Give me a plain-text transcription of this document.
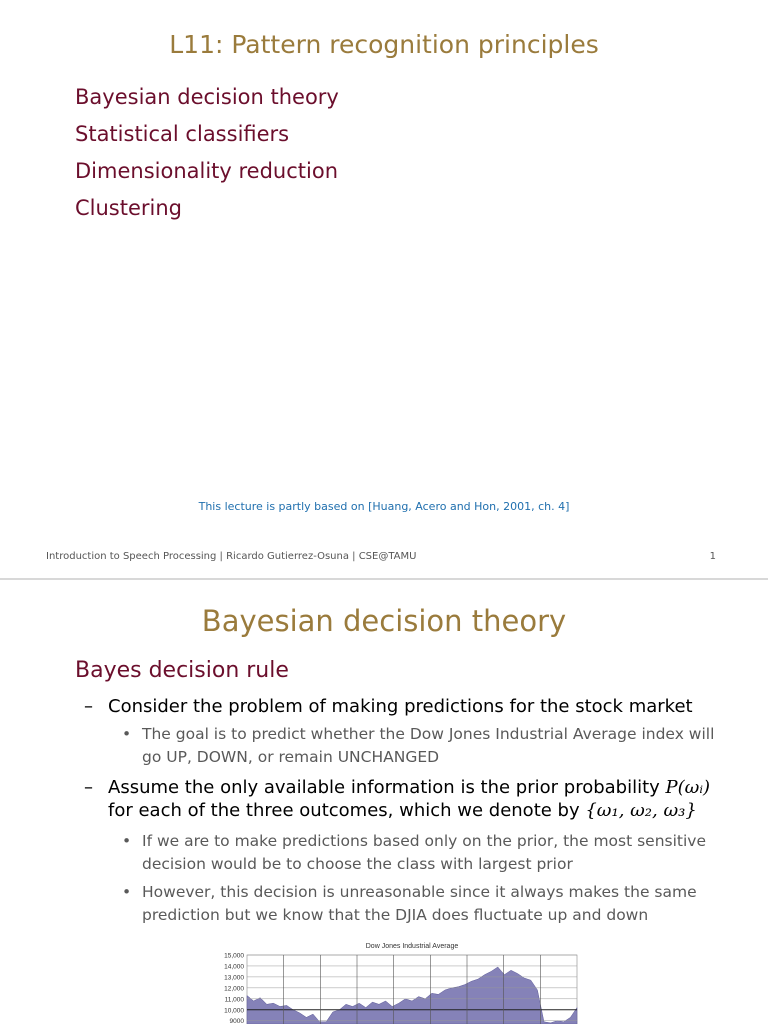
L11: Pattern recognition principles
Bayesian decision theory
Statistical classifiers
Dimensionality reduction
Clustering
This lecture is partly based on [Huang, Acero and Hon, 2001, ch. 4]
Introduction to Speech Processing | Ricardo Gutierrez-Osuna | CSE@TAMU	1
Bayesian decision theory
Bayes decision rule
– Consider the problem of making predictions for the stock market
• The goal is to predict whether the Dow Jones Industrial Average index will go UP, DOWN, or remain UNCHANGED
– Assume the only available information is the prior probability P(ωᵢ)
for each of the three outcomes, which we denote by {ω₁, ω₂, ω₃}
• If we are to make predictions based only on the prior, the most sensitive decision would be to choose the class with largest prior
• However, this decision is unreasonable since it always makes the same prediction but we know that the DJIA does fluctuate up and down
Dow Jones Industrial Average
15,000
14,000
13,000
12,000
11,000
10,000
9000
